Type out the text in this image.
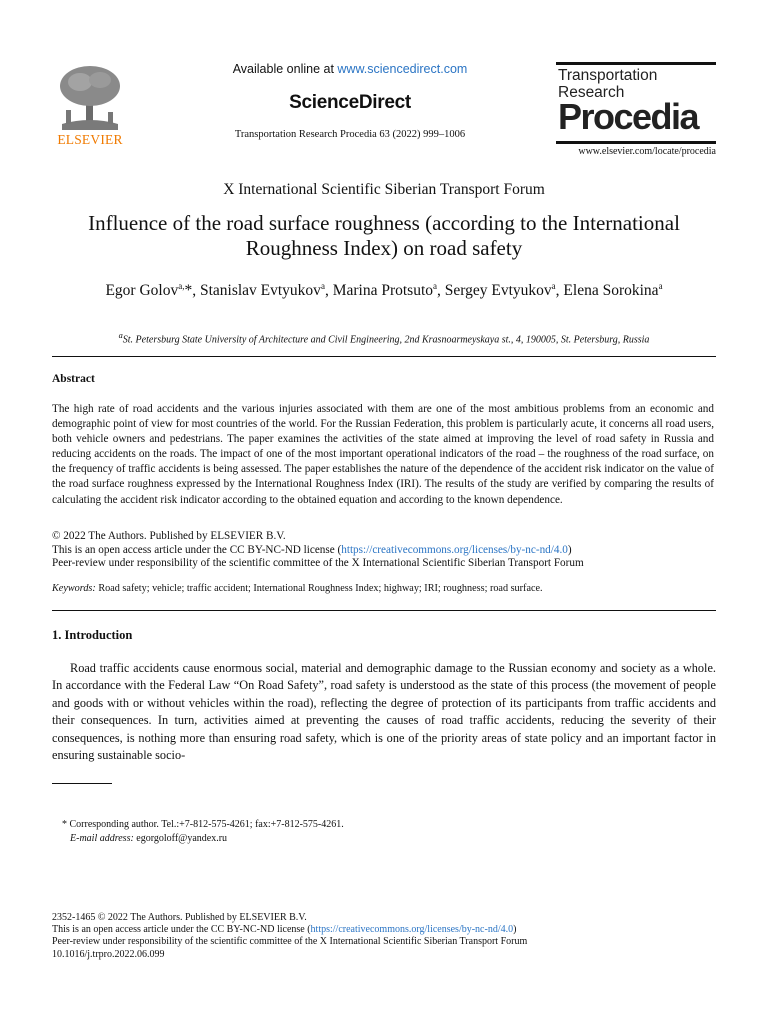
ELSEVIER
Available online at www.sciencedirect.com
ScienceDirect
Transportation Research Procedia 63 (2022) 999–1006
Transportation
Research
Procedia
www.elsevier.com/locate/procedia
X International Scientific Siberian Transport Forum
Influence of the road surface roughness (according to the International Roughness Index) on road safety
Egor Golov$^{a,}$*, Stanislav Evtyukov$^a$, Marina Protsuto$^a$, Sergey Evtyukov$^a$, Elena Sorokina$^a$
$^a$St. Petersburg State University of Architecture and Civil Engineering, 2nd Krasnoarmeyskaya st., 4, 190005, St. Petersburg, Russia
Abstract
The high rate of road accidents and the various injuries associated with them are one of the most ambitious problems from an economic and demographic point of view for most countries of the world. For the Russian Federation, this problem is particularly acute, it concerns all road users, both vehicle owners and pedestrians. The paper examines the activities of the state aimed at improving the level of road safety in Russia and reducing accidents on the roads. The impact of one of the most important operational indicators of the road – the roughness of the road surface, on the frequency of traffic accidents is being assessed. The paper establishes the nature of the dependence of the accident risk indicator on the value of the road surface roughness expressed by the International Roughness Index (IRI). The results of the study are verified by comparing the results of calculating the accident risk indicator according to the obtained equation and according to the known dependence.
© 2022 The Authors. Published by ELSEVIER B.V.
This is an open access article under the CC BY-NC-ND license (https://creativecommons.org/licenses/by-nc-nd/4.0)
Peer-review under responsibility of the scientific committee of the X International Scientific Siberian Transport Forum
Keywords: Road safety; vehicle; traffic accident; International Roughness Index; highway; IRI; roughness; road surface.
1. Introduction
Road traffic accidents cause enormous social, material and demographic damage to the Russian economy and society as a whole. In accordance with the Federal Law “On Road Safety”, road safety is understood as the state of this process (the movement of people and goods with or without vehicles within the road), reflecting the degree of protection of its participants from traffic accidents and their consequences. In turn, activities aimed at preventing the causes of road traffic accidents, reducing the severity of their consequences, is nothing more than ensuring road safety, which is one of the priority areas of state policy and an important factor in ensuring sustainable socio-
* Corresponding author. Tel.:+7-812-575-4261; fax:+7-812-575-4261.
E-mail address: egorgoloff@yandex.ru
2352-1465 © 2022 The Authors. Published by ELSEVIER B.V.
This is an open access article under the CC BY-NC-ND license (https://creativecommons.org/licenses/by-nc-nd/4.0)
Peer-review under responsibility of the scientific committee of the X International Scientific Siberian Transport Forum
10.1016/j.trpro.2022.06.099
